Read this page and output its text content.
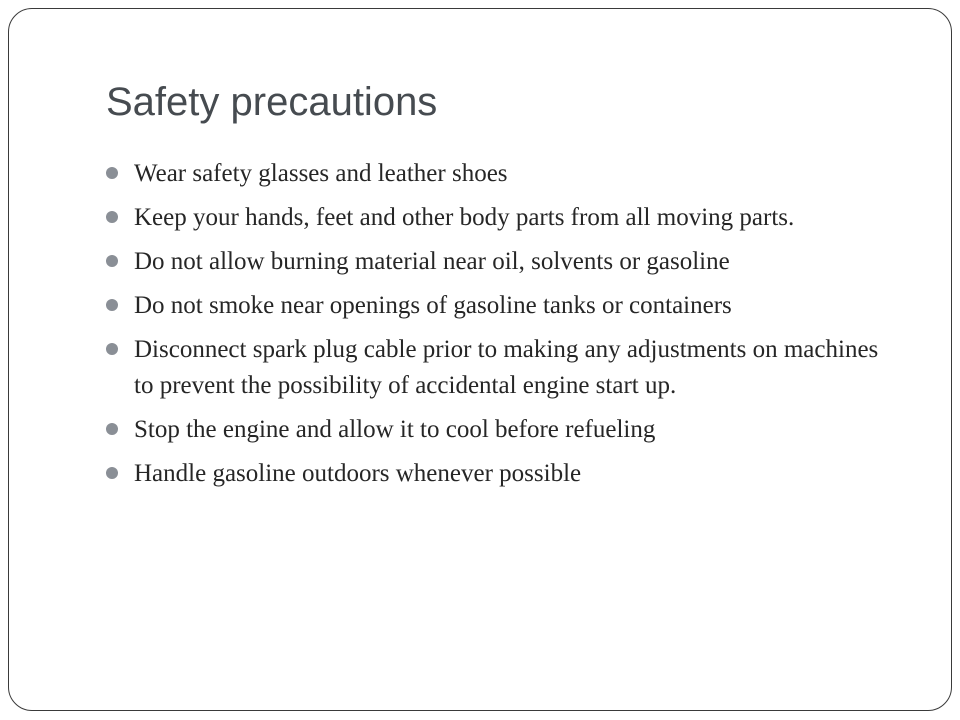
Safety precautions
Wear safety glasses and leather shoes
Keep your hands, feet and other body parts from all moving parts.
Do not allow burning material near oil, solvents or gasoline
Do not smoke near openings of gasoline tanks or containers
Disconnect spark plug cable prior to making any adjustments on machines to prevent the possibility of accidental engine start up.
Stop the engine and allow it to cool before refueling
Handle gasoline outdoors whenever possible
